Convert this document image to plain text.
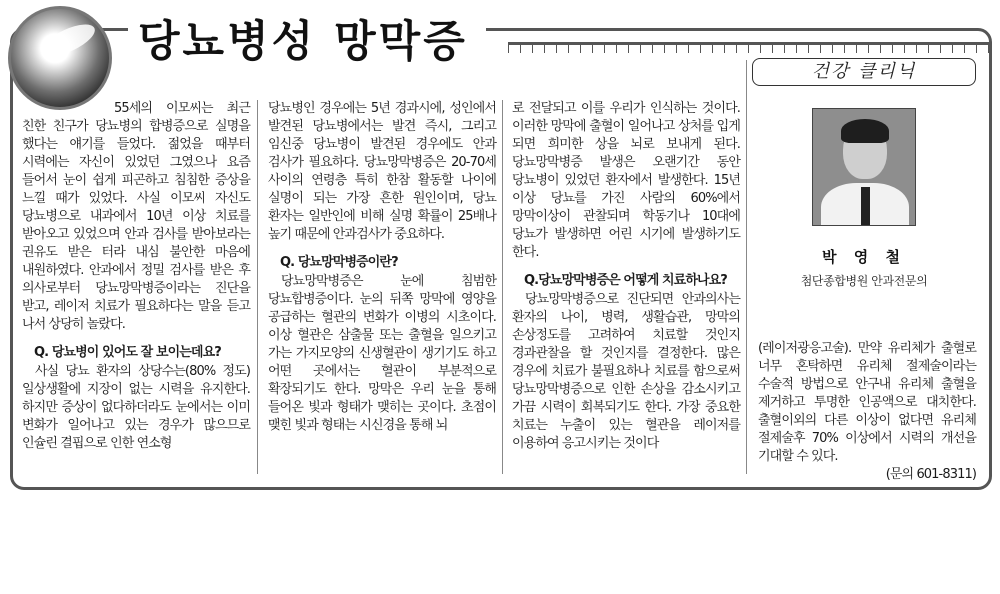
당뇨병성 망막증

55세의 이모씨는 최근 친한 친구가 당뇨병의 합병증으로 실명을 했다는 얘기를 들었다. 젊었을 때부터 시력에는 자신이 있었던 그였으나 요즘 들어서 눈이 쉽게 피곤하고 침침한 증상을 느낄 때가 있었다. 사실 이모씨 자신도 당뇨병으로 내과에서 10년 이상 치료를 받아오고 있었으며 안과 검사를 받아보라는 권유도 받은 터라 내심 불안한 마음에 내원하였다. 안과에서 정밀 검사를 받은 후 의사로부터 당뇨망막병증이라는 진단을 받고, 레이저 치료가 필요하다는 말을 듣고 나서 상당히 놀랐다.

Q. 당뇨병이 있어도 잘 보이는데요?

사실 당뇨 환자의 상당수는(80% 정도) 일상생활에 지장이 없는 시력을 유지한다. 하지만 증상이 없다하더라도 눈에서는 이미 변화가 일어나고 있는 경우가 많으므로 인슐린 결핍으로 인한 연소형

당뇨병인 경우에는 5년 경과시에, 성인에서 발견된 당뇨병에서는 발견 즉시, 그리고 임신중 당뇨병이 발견된 경우에도 안과 검사가 필요하다. 당뇨망막병증은 20-70세 사이의 연령층 특히 한참 활동할 나이에 실명이 되는 가장 흔한 원인이며, 당뇨 환자는 일반인에 비해 실명 확률이 25배나 높기 때문에 안과검사가 중요하다.

Q. 당뇨망막병증이란?

당뇨망막병증은 눈에 침범한 당뇨합병증이다. 눈의 뒤쪽 망막에 영양을 공급하는 혈관의 변화가 이병의 시초이다. 이상 혈관은 삼출물 또는 출혈을 일으키고 가는 가지모양의 신생혈관이 생기기도 하고 어떤 곳에서는 혈관이 부분적으로 확장되기도 한다. 망막은 우리 눈을 통해 들어온 빛과 형태가 맺히는 곳이다. 초점이 맺힌 빛과 형태는 시신경을 통해 뇌

로 전달되고 이를 우리가 인식하는 것이다. 이러한 망막에 출혈이 일어나고 상처를 입게 되면 희미한 상을 뇌로 보내게 된다. 당뇨망막병증 발생은 오랜기간 동안 당뇨병이 있었던 환자에서 발생한다. 15년 이상 당뇨를 가진 사람의 60%에서 망막이상이 관찰되며 학동기나 10대에 당뇨가 발생하면 어린 시기에 발생하기도 한다.

Q.당뇨망막병증은 어떻게 치료하나요?

당뇨망막병증으로 진단되면 안과의사는 환자의 나이, 병력, 생활습관, 망막의 손상정도를 고려하여 치료할 것인지 경과관찰을 할 것인지를 결정한다. 많은 경우에 치료가 불필요하나 치료를 함으로써 당뇨망막병증으로 인한 손상을 감소시키고 가끔 시력이 회복되기도 한다. 가장 중요한 치료는 누출이 있는 혈관을 레이저를 이용하여 응고시키는 것이다

건강 클리닉
박 영 철
첨단종합병원 안과전문의

(레이저광응고술). 만약 유리체가 출혈로 너무 혼탁하면 유리체 절제술이라는 수술적 방법으로 안구내 유리체 출혈을 제거하고 투명한 인공액으로 대치한다. 출혈이외의 다른 이상이 없다면 유리체 절제술후 70% 이상에서 시력의 개선을 기대할 수 있다.

(문의 601-8311)
